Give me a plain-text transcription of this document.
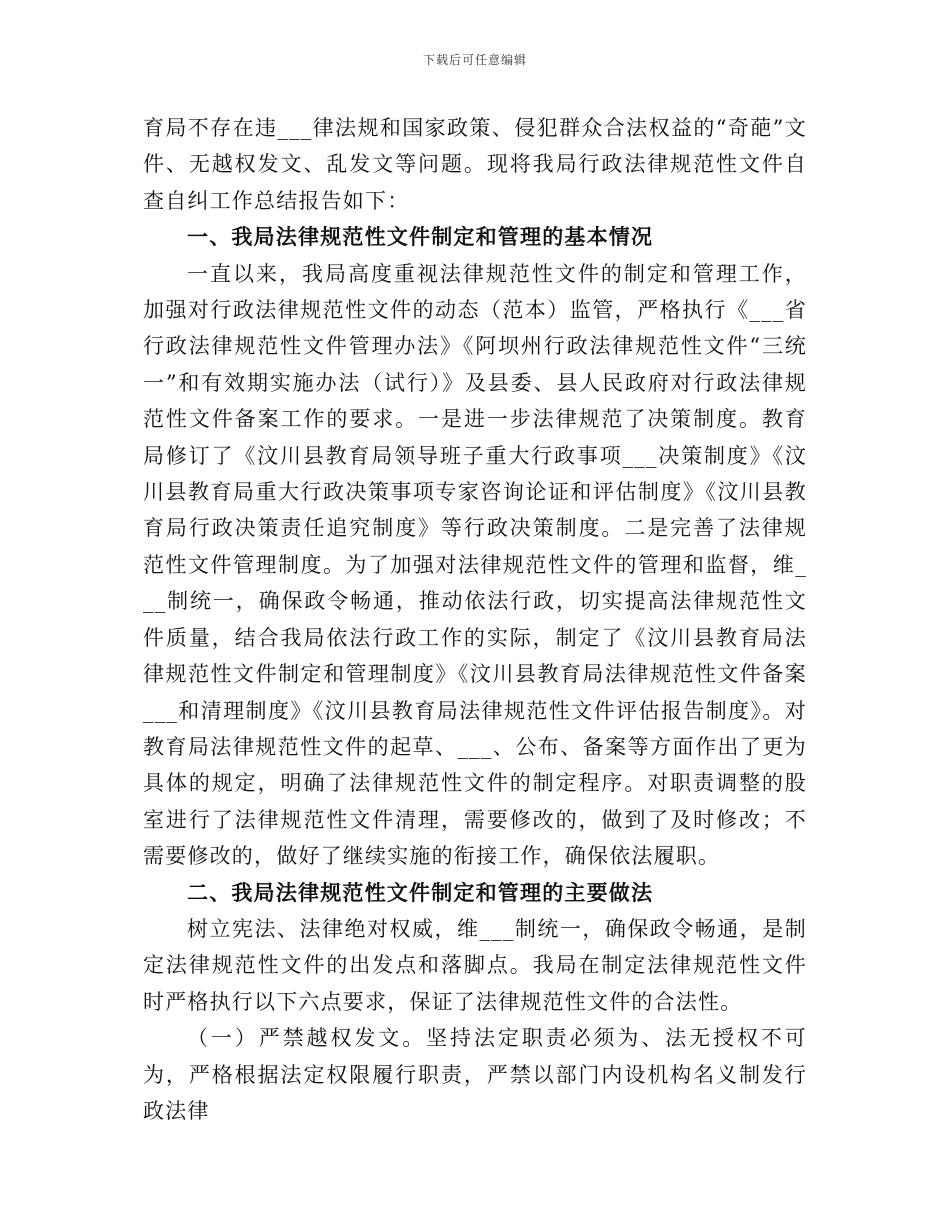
下载后可任意编辑

育局不存在违___律法规和国家政策、侵犯群众合法权益的“奇葩”文件、无越权发文、乱发文等问题。现将我局行政法律规范性文件自查自纠工作总结报告如下：

一、我局法律规范性文件制定和管理的基本情况

一直以来，我局高度重视法律规范性文件的制定和管理工作，加强对行政法律规范性文件的动态（范本）监管，严格执行《___省行政法律规范性文件管理办法》《阿坝州行政法律规范性文件“三统一”和有效期实施办法（试行）》及县委、县人民政府对行政法律规范性文件备案工作的要求。一是进一步法律规范了决策制度。教育局修订了《汶川县教育局领导班子重大行政事项___决策制度》《汶川县教育局重大行政决策事项专家咨询论证和评估制度》《汶川县教育局行政决策责任追究制度》等行政决策制度。二是完善了法律规范性文件管理制度。为了加强对法律规范性文件的管理和监督，维___制统一，确保政令畅通，推动依法行政，切实提高法律规范性文件质量，结合我局依法行政工作的实际，制定了《汶川县教育局法律规范性文件制定和管理制度》《汶川县教育局法律规范性文件备案___和清理制度》《汶川县教育局法律规范性文件评估报告制度》。对教育局法律规范性文件的起草、___、公布、备案等方面作出了更为具体的规定，明确了法律规范性文件的制定程序。对职责调整的股室进行了法律规范性文件清理，需要修改的，做到了及时修改；不需要修改的，做好了继续实施的衔接工作，确保依法履职。

二、我局法律规范性文件制定和管理的主要做法

树立宪法、法律绝对权威，维___制统一，确保政令畅通，是制定法律规范性文件的出发点和落脚点。我局在制定法律规范性文件时严格执行以下六点要求，保证了法律规范性文件的合法性。

（一）严禁越权发文。坚持法定职责必须为、法无授权不可为，严格根据法定权限履行职责，严禁以部门内设机构名义制发行政法律
